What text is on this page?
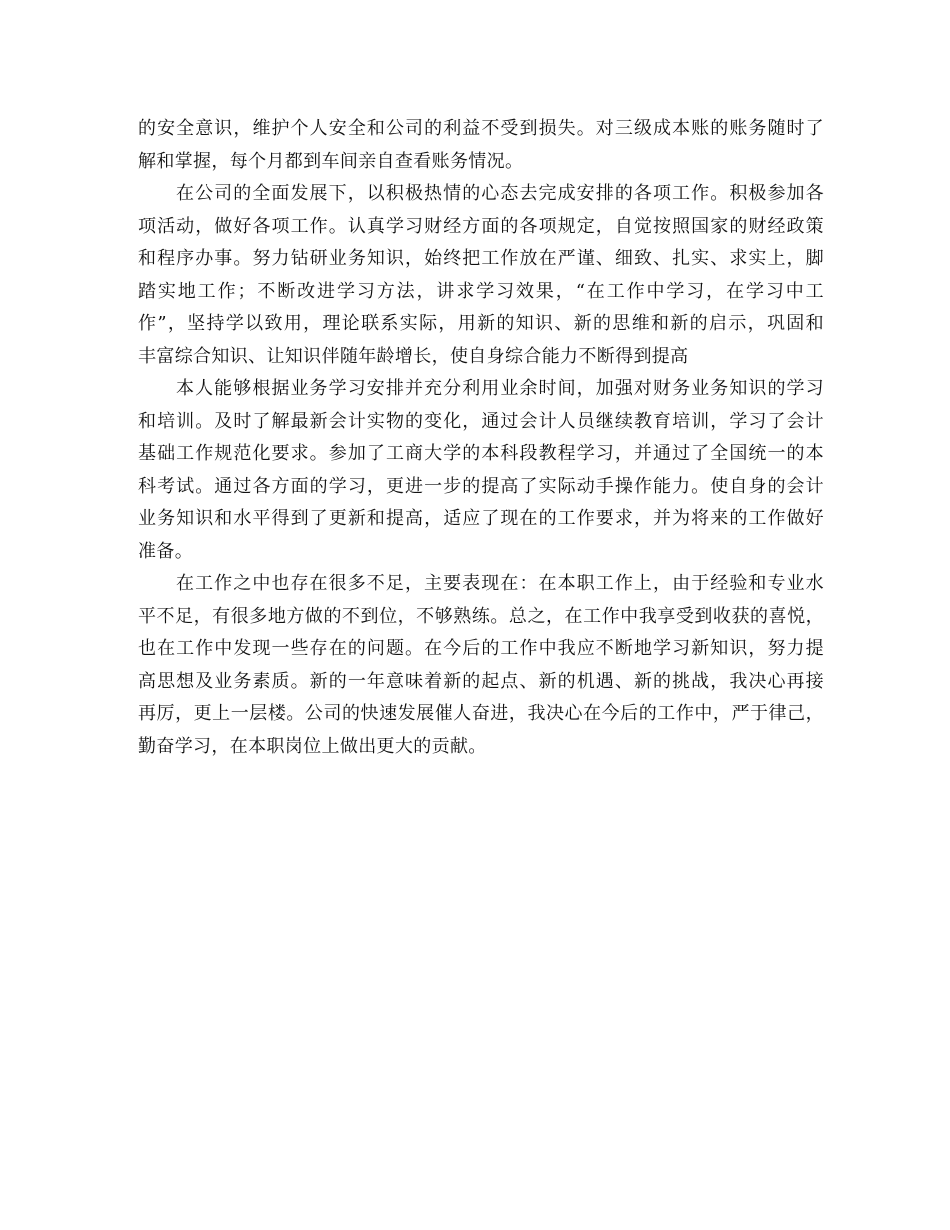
的安全意识，维护个人安全和公司的利益不受到损失。对三级成本账的账务随时了
解和掌握，每个月都到车间亲自查看账务情况。
在公司的全面发展下，以积极热情的心态去完成安排的各项工作。积极参加各
项活动，做好各项工作。认真学习财经方面的各项规定，自觉按照国家的财经政策
和程序办事。努力钻研业务知识，始终把工作放在严谨、细致、扎实、求实上，脚
踏实地工作；不断改进学习方法，讲求学习效果，“在工作中学习，在学习中工
作”，坚持学以致用，理论联系实际，用新的知识、新的思维和新的启示，巩固和
丰富综合知识、让知识伴随年龄增长，使自身综合能力不断得到提高
本人能够根据业务学习安排并充分利用业余时间，加强对财务业务知识的学习
和培训。及时了解最新会计实物的变化，通过会计人员继续教育培训，学习了会计
基础工作规范化要求。参加了工商大学的本科段教程学习，并通过了全国统一的本
科考试。通过各方面的学习，更进一步的提高了实际动手操作能力。使自身的会计
业务知识和水平得到了更新和提高，适应了现在的工作要求，并为将来的工作做好
准备。
在工作之中也存在很多不足，主要表现在：在本职工作上，由于经验和专业水
平不足，有很多地方做的不到位，不够熟练。总之，在工作中我享受到收获的喜悦，
也在工作中发现一些存在的问题。在今后的工作中我应不断地学习新知识，努力提
高思想及业务素质。新的一年意味着新的起点、新的机遇、新的挑战，我决心再接
再厉，更上一层楼。公司的快速发展催人奋进，我决心在今后的工作中，严于律己，
勤奋学习，在本职岗位上做出更大的贡献。
